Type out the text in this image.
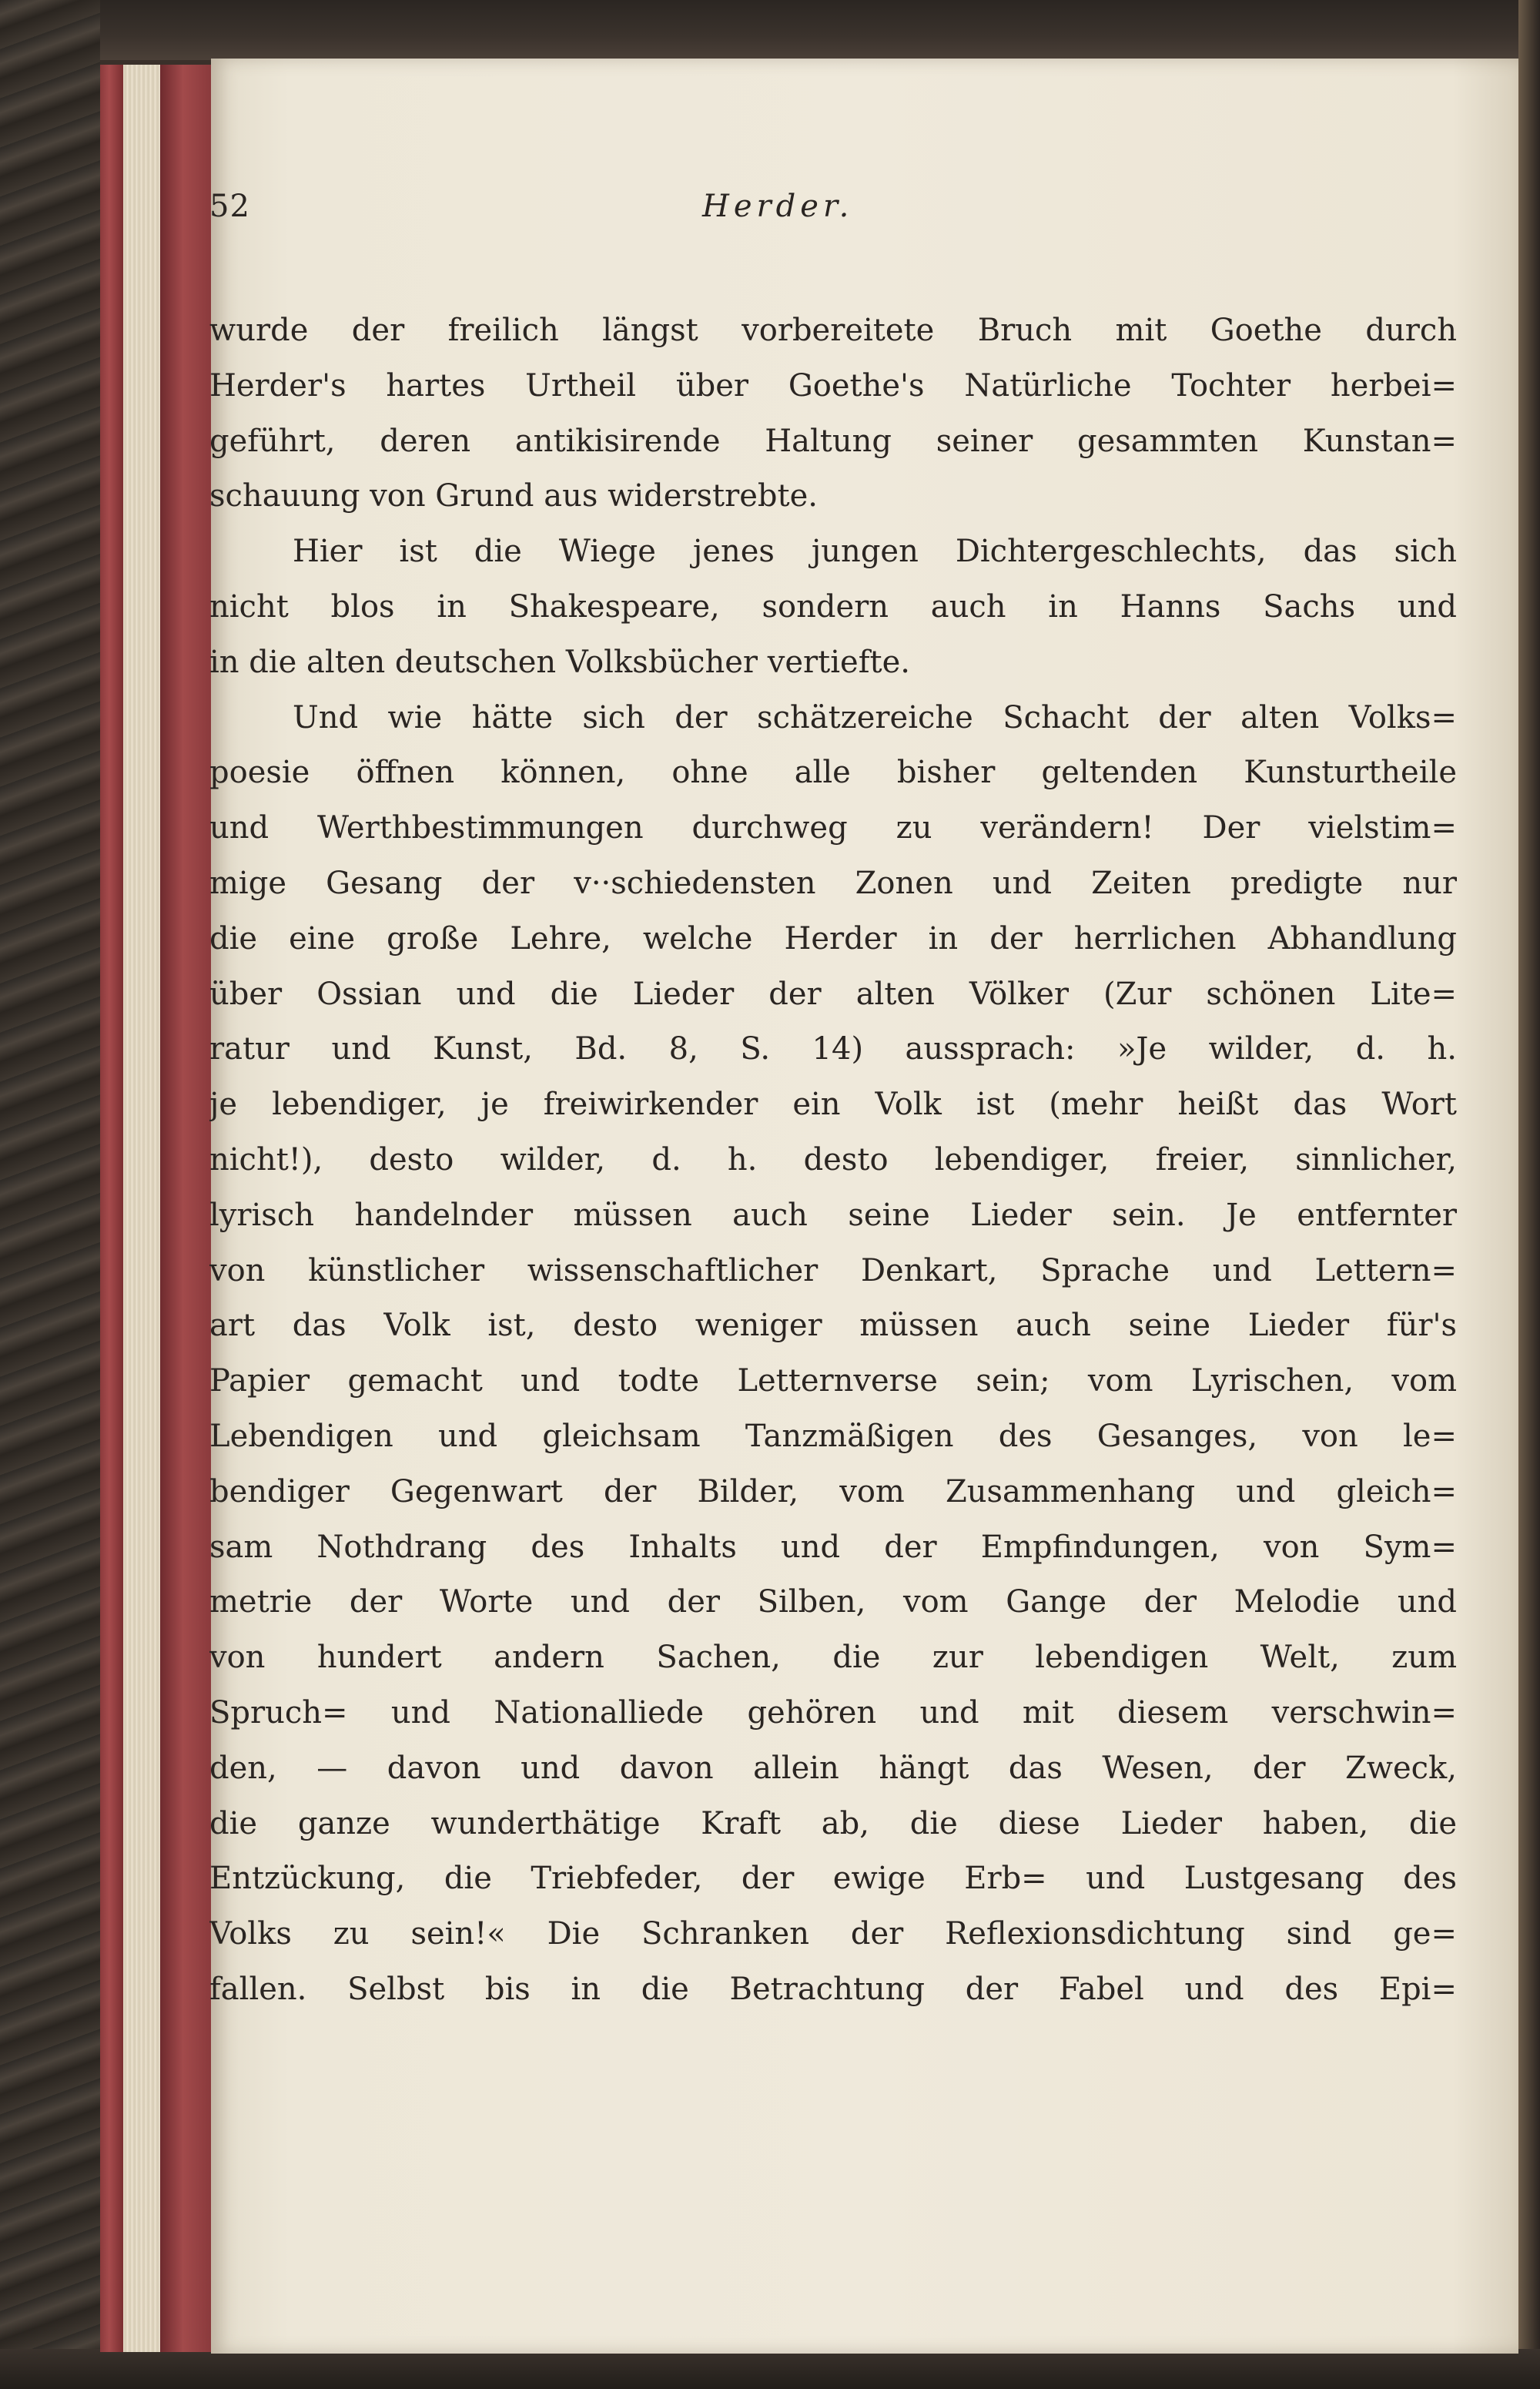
52	Herder.
wurde der freilich längst vorbereitete Bruch mit Goethe durch
Herder's hartes Urtheil über Goethe's Natürliche Tochter herbei=
geführt, deren antikisirende Haltung seiner gesammten Kunstan=
schauung von Grund aus widerstrebte.
Hier ist die Wiege jenes jungen Dichtergeschlechts, das sich
nicht blos in Shakespeare, sondern auch in Hanns Sachs und
in die alten deutschen Volksbücher vertiefte.
Und wie hätte sich der schätzereiche Schacht der alten Volks=
poesie öffnen können, ohne alle bisher geltenden Kunsturtheile
und Werthbestimmungen durchweg zu verändern! Der vielstim=
mige Gesang der v··schiedensten Zonen und Zeiten predigte nur
die eine große Lehre, welche Herder in der herrlichen Abhandlung
über Ossian und die Lieder der alten Völker (Zur schönen Lite=
ratur und Kunst, Bd. 8, S. 14) aussprach: »Je wilder, d. h.
je lebendiger, je freiwirkender ein Volk ist (mehr heißt das Wort
nicht!), desto wilder, d. h. desto lebendiger, freier, sinnlicher,
lyrisch handelnder müssen auch seine Lieder sein. Je entfernter
von künstlicher wissenschaftlicher Denkart, Sprache und Lettern=
art das Volk ist, desto weniger müssen auch seine Lieder für's
Papier gemacht und todte Letternverse sein; vom Lyrischen, vom
Lebendigen und gleichsam Tanzmäßigen des Gesanges, von le=
bendiger Gegenwart der Bilder, vom Zusammenhang und gleich=
sam Nothdrang des Inhalts und der Empfindungen, von Sym=
metrie der Worte und der Silben, vom Gange der Melodie und
von hundert andern Sachen, die zur lebendigen Welt, zum
Spruch= und Nationalliede gehören und mit diesem verschwin=
den, — davon und davon allein hängt das Wesen, der Zweck,
die ganze wunderthätige Kraft ab, die diese Lieder haben, die
Entzückung, die Triebfeder, der ewige Erb= und Lustgesang des
Volks zu sein!« Die Schranken der Reflexionsdichtung sind ge=
fallen. Selbst bis in die Betrachtung der Fabel und des Epi=
